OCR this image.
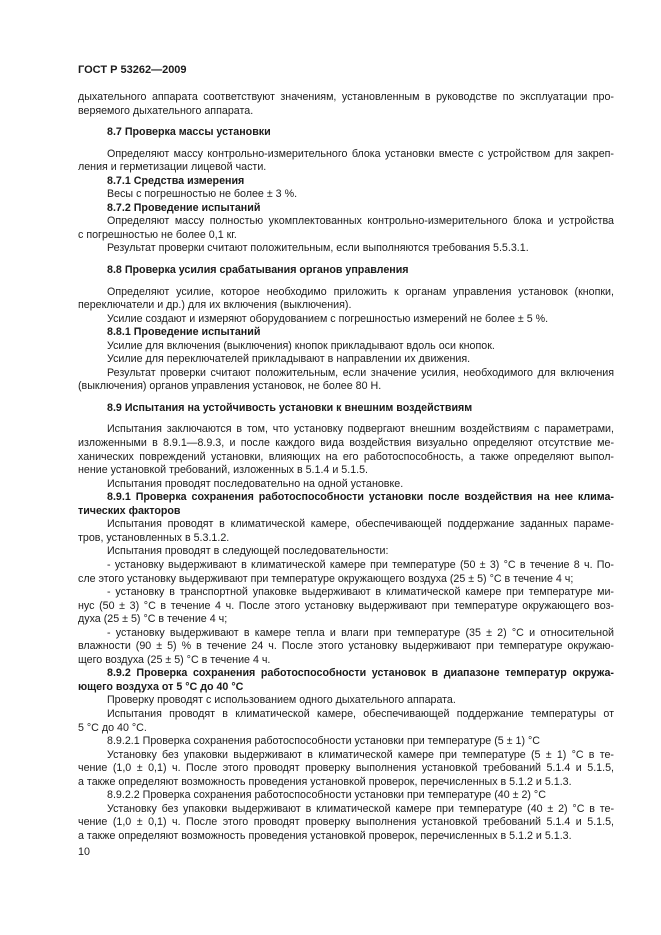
ГОСТ Р 53262—2009
дыхательного аппарата соответствуют значениям, установленным в руководстве по эксплуатации про-
веряемого дыхательного аппарата.
8.7 Проверка массы установки
Определяют массу контрольно-измерительного блока установки вместе с устройством для закреп-
ления и герметизации лицевой части.
8.7.1 Средства измерения
Весы с погрешностью не более ± 3 %.
8.7.2 Проведение испытаний
Определяют массу полностью укомплектованных контрольно-измерительного блока и устройства
с погрешностью не более 0,1 кг.
Результат проверки считают положительным, если выполняются требования 5.5.3.1.
8.8 Проверка усилия срабатывания органов управления
Определяют усилие, которое необходимо приложить к органам управления установок (кнопки,
переключатели и др.) для их включения (выключения).
Усилие создают и измеряют оборудованием с погрешностью измерений не более ± 5 %.
8.8.1 Проведение испытаний
Усилие для включения (выключения) кнопок прикладывают вдоль оси кнопок.
Усилие для переключателей прикладывают в направлении их движения.
Результат проверки считают положительным, если значение усилия, необходимого для включения
(выключения) органов управления установок, не более 80 Н.
8.9 Испытания на устойчивость установки к внешним воздействиям
Испытания заключаются в том, что установку подвергают внешним воздействиям с параметрами,
изложенными в 8.9.1—8.9.3, и после каждого вида воздействия визуально определяют отсутствие ме-
ханических повреждений установки, влияющих на его работоспособность, а также определяют выпол-
нение установкой требований, изложенных в 5.1.4 и 5.1.5.
Испытания проводят последовательно на одной установке.
8.9.1 Проверка сохранения работоспособности установки после воздействия на нее клима-
тических факторов
Испытания проводят в климатической камере, обеспечивающей поддержание заданных параме-
тров, установленных в 5.3.1.2.
Испытания проводят в следующей последовательности:
- установку выдерживают в климатической камере при температуре (50 ± 3) °C в течение 8 ч. По-
сле этого установку выдерживают при температуре окружающего воздуха (25 ± 5) °C в течение 4 ч;
- установку в транспортной упаковке выдерживают в климатической камере при температуре ми-
нус (50 ± 3) °C в течение 4 ч. После этого установку выдерживают при температуре окружающего воз-
духа (25 ± 5) °C в течение 4 ч;
- установку выдерживают в камере тепла и влаги при температуре (35 ± 2) °C и относительной
влажности (90 ± 5) % в течение 24 ч. После этого установку выдерживают при температуре окружаю-
щего воздуха (25 ± 5) °C в течение 4 ч.
8.9.2 Проверка сохранения работоспособности установок в диапазоне температур окружа-
ющего воздуха от 5 °C до 40 °C
Проверку проводят с использованием одного дыхательного аппарата.
Испытания проводят в климатической камере, обеспечивающей поддержание температуры от
5 °C до 40 °C.
8.9.2.1 Проверка сохранения работоспособности установки при температуре (5 ± 1) °C
Установку без упаковки выдерживают в климатической камере при температуре (5 ± 1) °C в те-
чение (1,0 ± 0,1) ч. После этого проводят проверку выполнения установкой требований 5.1.4 и 5.1.5,
а также определяют возможность проведения установкой проверок, перечисленных в 5.1.2 и 5.1.3.
8.9.2.2 Проверка сохранения работоспособности установки при температуре (40 ± 2) °C
Установку без упаковки выдерживают в климатической камере при температуре (40 ± 2) °C в те-
чение (1,0 ± 0,1) ч. После этого проводят проверку выполнения установкой требований 5.1.4 и 5.1.5,
а также определяют возможность проведения установкой проверок, перечисленных в 5.1.2 и 5.1.3.
10
